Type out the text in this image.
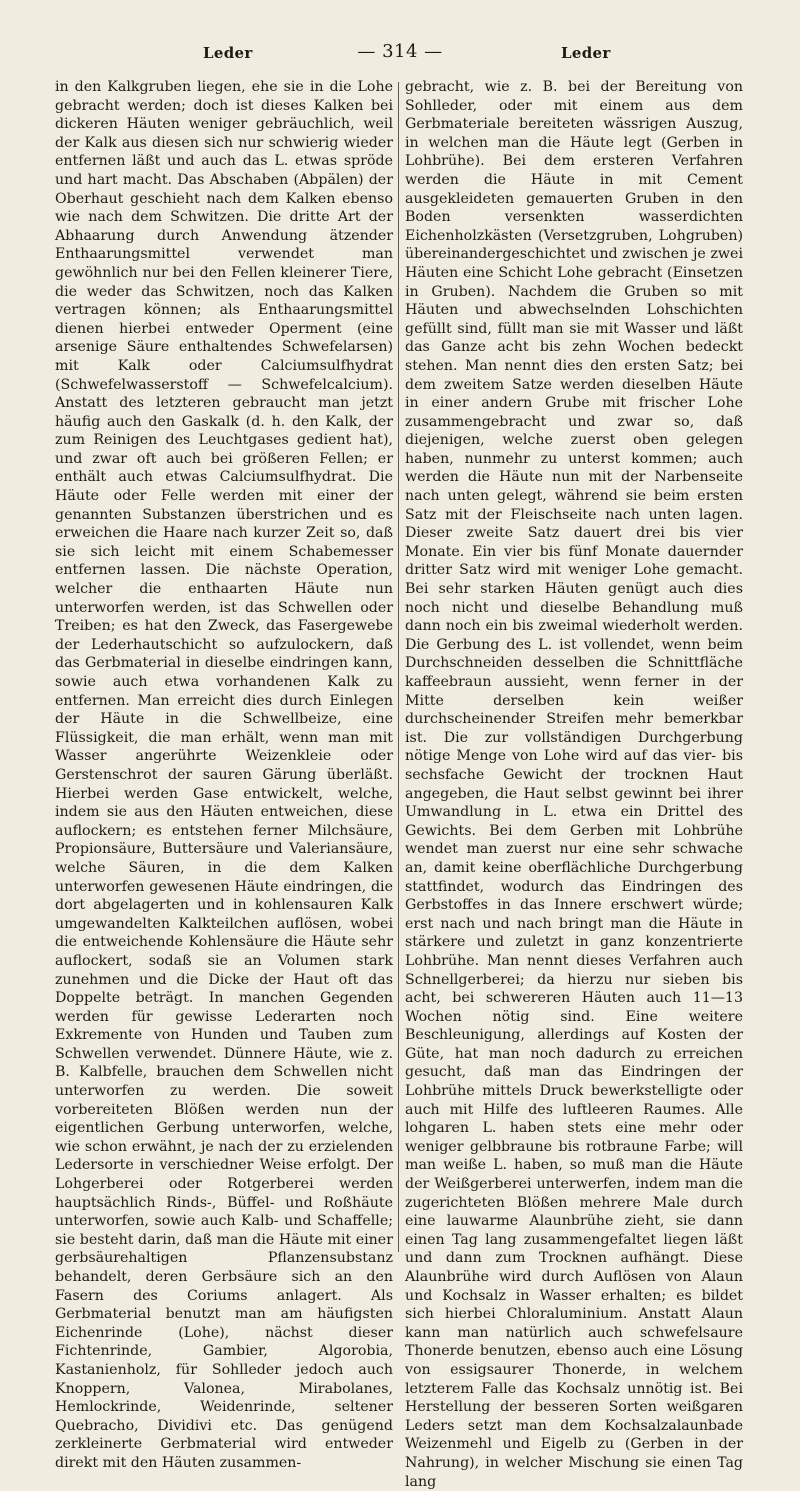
Leder	— 314 —	Leder

in den Kalkgruben liegen, ehe sie in die Lohe gebracht werden; doch ist dieses Kalken bei dickeren Häuten weniger gebräuchlich, weil der Kalk aus diesen sich nur schwierig wieder entfernen läßt und auch das L. etwas spröde und hart macht. Das Abschaben (Abpälen) der Oberhaut geschieht nach dem Kalken ebenso wie nach dem Schwitzen. Die dritte Art der Abhaarung durch Anwendung ätzender Enthaarungsmittel verwendet man gewöhnlich nur bei den Fellen kleinerer Tiere, die weder das Schwitzen, noch das Kalken vertragen können; als Enthaarungsmittel dienen hierbei entweder Operment (eine arsenige Säure enthaltendes Schwefelarsen) mit Kalk oder Calciumsulfhydrat (Schwefelwasserstoff — Schwefelcalcium). Anstatt des letzteren gebraucht man jetzt häufig auch den Gaskalk (d. h. den Kalk, der zum Reinigen des Leuchtgases gedient hat), und zwar oft auch bei größeren Fellen; er enthält auch etwas Calciumsulfhydrat. Die Häute oder Felle werden mit einer der genannten Substanzen überstrichen und es erweichen die Haare nach kurzer Zeit so, daß sie sich leicht mit einem Schabemesser entfernen lassen. Die nächste Operation, welcher die enthaarten Häute nun unterworfen werden, ist das Schwellen oder Treiben; es hat den Zweck, das Fasergewebe der Lederhautschicht so aufzulockern, daß das Gerbmaterial in dieselbe eindringen kann, sowie auch etwa vorhandenen Kalk zu entfernen. Man erreicht dies durch Einlegen der Häute in die Schwellbeize, eine Flüssigkeit, die man erhält, wenn man mit Wasser angerührte Weizenkleie oder Gerstenschrot der sauren Gärung überläßt. Hierbei werden Gase entwickelt, welche, indem sie aus den Häuten entweichen, diese auflockern; es entstehen ferner Milchsäure, Propionsäure, Buttersäure und Valeriansäure, welche Säuren, in die dem Kalken unterworfen gewesenen Häute eindringen, die dort abgelagerten und in kohlensauren Kalk umgewandelten Kalkteilchen auflösen, wobei die entweichende Kohlensäure die Häute sehr auflockert, sodaß sie an Volumen stark zunehmen und die Dicke der Haut oft das Doppelte beträgt. In manchen Gegenden werden für gewisse Lederarten noch Exkremente von Hunden und Tauben zum Schwellen verwendet. Dünnere Häute, wie z. B. Kalbfelle, brauchen dem Schwellen nicht unterworfen zu werden. Die soweit vorbereiteten Blößen werden nun der eigentlichen Gerbung unterworfen, welche, wie schon erwähnt, je nach der zu erzielenden Ledersorte in verschiedner Weise erfolgt. Der Lohgerberei oder Rotgerberei werden hauptsächlich Rinds-, Büffel- und Roßhäute unterworfen, sowie auch Kalb- und Schaffelle; sie besteht darin, daß man die Häute mit einer gerbsäurehaltigen Pflanzensubstanz behandelt, deren Gerbsäure sich an den Fasern des Coriums anlagert. Als Gerbmaterial benutzt man am häufigsten Eichenrinde (Lohe), nächst dieser Fichtenrinde, Gambier, Algorobia, Kastanienholz, für Sohlleder jedoch auch Knoppern, Valonea, Mirabolanes, Hemlockrinde, Weidenrinde, seltener Quebracho, Dividivi etc. Das genügend zerkleinerte Gerbmaterial wird entweder direkt mit den Häuten zusammen-

gebracht, wie z. B. bei der Bereitung von Sohlleder, oder mit einem aus dem Gerbmateriale bereiteten wässrigen Auszug, in welchen man die Häute legt (Gerben in Lohbrühe). Bei dem ersteren Verfahren werden die Häute in mit Cement ausgekleideten gemauerten Gruben in den Boden versenkten wasserdichten Eichenholzkästen (Versetzgruben, Lohgruben) übereinandergeschichtet und zwischen je zwei Häuten eine Schicht Lohe gebracht (Einsetzen in Gruben). Nachdem die Gruben so mit Häuten und abwechselnden Lohschichten gefüllt sind, füllt man sie mit Wasser und läßt das Ganze acht bis zehn Wochen bedeckt stehen. Man nennt dies den ersten Satz; bei dem zweitem Satze werden dieselben Häute in einer andern Grube mit frischer Lohe zusammengebracht und zwar so, daß diejenigen, welche zuerst oben gelegen haben, nunmehr zu unterst kommen; auch werden die Häute nun mit der Narbenseite nach unten gelegt, während sie beim ersten Satz mit der Fleischseite nach unten lagen. Dieser zweite Satz dauert drei bis vier Monate. Ein vier bis fünf Monate dauernder dritter Satz wird mit weniger Lohe gemacht. Bei sehr starken Häuten genügt auch dies noch nicht und dieselbe Behandlung muß dann noch ein bis zweimal wiederholt werden. Die Gerbung des L. ist vollendet, wenn beim Durchschneiden desselben die Schnittfläche kaffeebraun aussieht, wenn ferner in der Mitte derselben kein weißer durchscheinender Streifen mehr bemerkbar ist. Die zur vollständigen Durchgerbung nötige Menge von Lohe wird auf das vier- bis sechsfache Gewicht der trocknen Haut angegeben, die Haut selbst gewinnt bei ihrer Umwandlung in L. etwa ein Drittel des Gewichts. Bei dem Gerben mit Lohbrühe wendet man zuerst nur eine sehr schwache an, damit keine oberflächliche Durchgerbung stattfindet, wodurch das Eindringen des Gerbstoffes in das Innere erschwert würde; erst nach und nach bringt man die Häute in stärkere und zuletzt in ganz konzentrierte Lohbrühe. Man nennt dieses Verfahren auch Schnellgerberei; da hierzu nur sieben bis acht, bei schwereren Häuten auch 11—13 Wochen nötig sind. Eine weitere Beschleunigung, allerdings auf Kosten der Güte, hat man noch dadurch zu erreichen gesucht, daß man das Eindringen der Lohbrühe mittels Druck bewerkstelligte oder auch mit Hilfe des luftleeren Raumes. Alle lohgaren L. haben stets eine mehr oder weniger gelbbraune bis rotbraune Farbe; will man weiße L. haben, so muß man die Häute der Weißgerberei unterwerfen, indem man die zugerichteten Blößen mehrere Male durch eine lauwarme Alaunbrühe zieht, sie dann einen Tag lang zusammengefaltet liegen läßt und dann zum Trocknen aufhängt. Diese Alaunbrühe wird durch Auflösen von Alaun und Kochsalz in Wasser erhalten; es bildet sich hierbei Chloraluminium. Anstatt Alaun kann man natürlich auch schwefelsaure Thonerde benutzen, ebenso auch eine Lösung von essigsaurer Thonerde, in welchem letzterem Falle das Kochsalz unnötig ist. Bei Herstellung der besseren Sorten weißgaren Leders setzt man dem Kochsalzalaunbade Weizenmehl und Eigelb zu (Gerben in der Nahrung), in welcher Mischung sie einen Tag lang
